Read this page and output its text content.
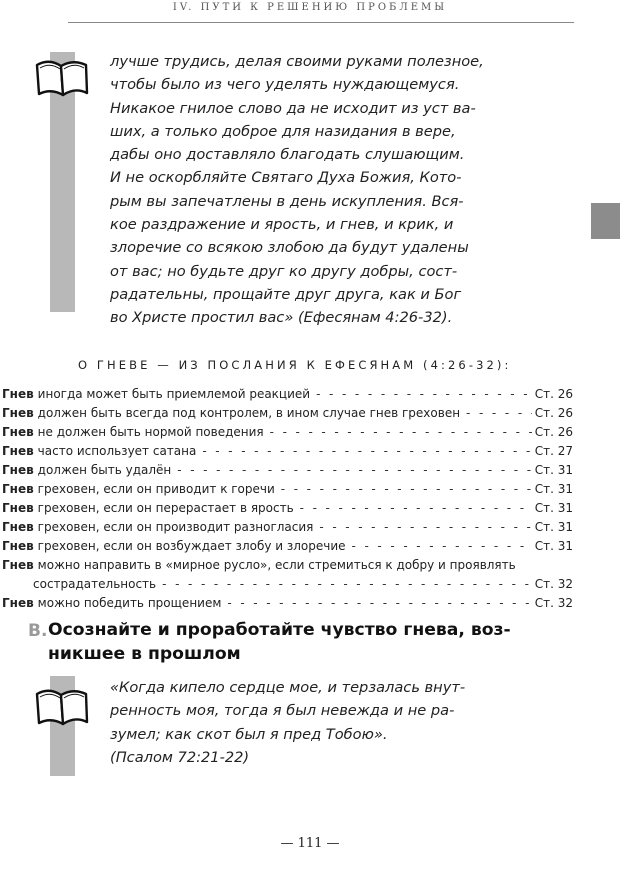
IV. ПУТИ К РЕШЕНИЮ ПРОБЛЕМЫ

лучше трудись, делая своими руками полезное,
чтобы было из чего уделять нуждающемуся.
Никакое гнилое слово да не исходит из уст ва-
ших, а только доброе для назидания в вере,
дабы оно доставляло благодать слушающим.
И не оскорбляйте Святаго Духа Божия, Кото-
рым вы запечатлены в день искупления. Вся-
кое раздражение и ярость, и гнев, и крик, и
злоречие со всякою злобою да будут удалены
от вас; но будьте друг ко другу добры, сост-
радательны, прощайте друг друга, как и Бог
во Христе простил вас» (Ефесянам 4:26-32).

О ГНЕВЕ — ИЗ ПОСЛАНИЯ К ЕФЕСЯНАМ (4:26-32):
Гнев иногда может быть приемлемой реакцией - - -	Ст. 26
Гнев должен быть всегда под контролем, в ином случае гнев греховен - - -	Ст. 26
Гнев не должен быть нормой поведения - - -	Ст. 26
Гнев часто использует сатана - - -	Ст. 27
Гнев должен быть удалён - - -	Ст. 31
Гнев греховен, если он приводит к горечи - - -	Ст. 31
Гнев греховен, если он перерастает в ярость - - -	Ст. 31
Гнев греховен, если он производит разногласия - - -	Ст. 31
Гнев греховен, если он возбуждает злобу и злоречие - - -	Ст. 31
Гнев можно направить в «мирное русло», если стремиться к добру и проявлять
сострадательность - - -	Ст. 32
Гнев можно победить прощением - - -	Ст. 32
B. Осознайте и проработайте чувство гнева, воз-
никшее в прошлом

«Когда кипело сердце мое, и терзалась внут-
ренность моя, тогда я был невежда и не ра-
зумел; как скот был я пред Тобою».
(Псалом 72:21-22)

— 111 —
